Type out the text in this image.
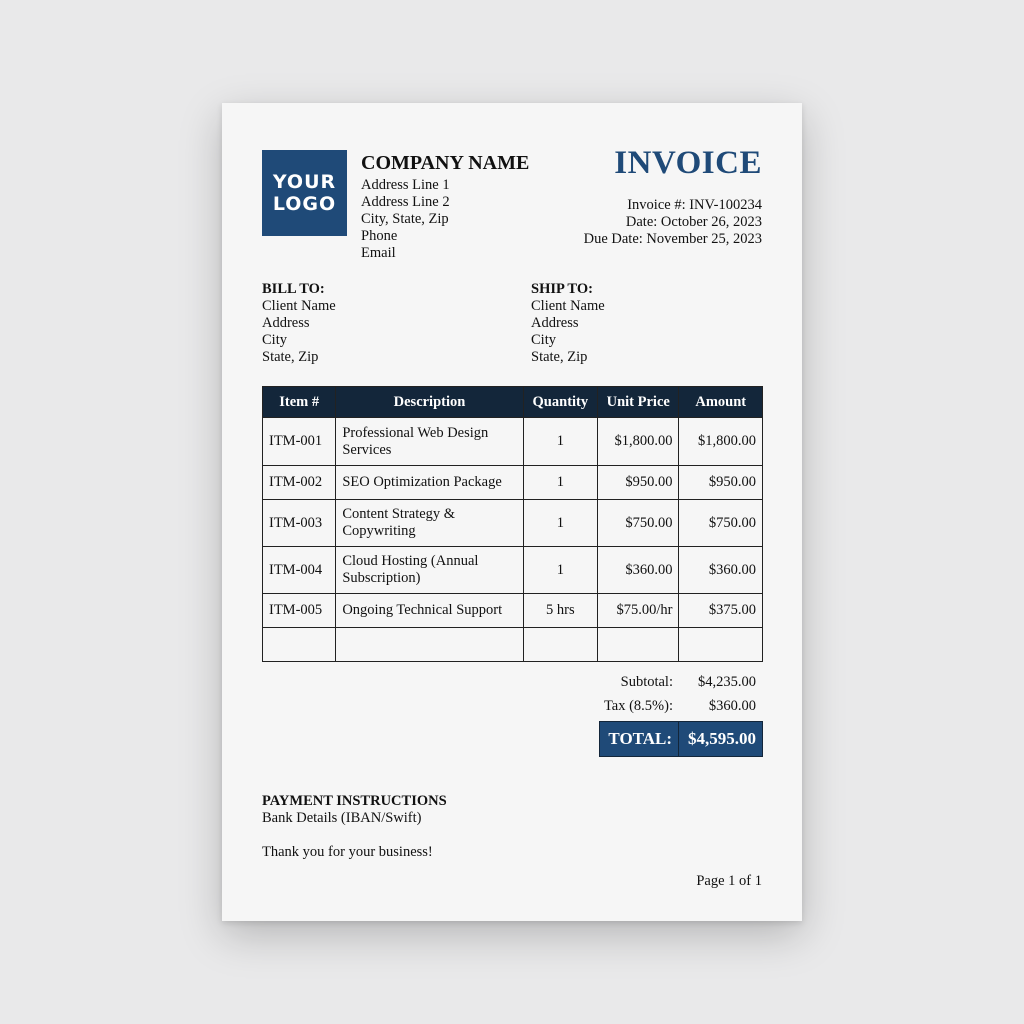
YOUR
LOGO
COMPANY NAME
Address Line 1
Address Line 2
City, State, Zip
Phone
Email
INVOICE
Invoice #: INV-100234
Date: October 26, 2023
Due Date: November 25, 2023
BILL TO:
Client Name
Address
City
State, Zip
SHIP TO:
Client Name
Address
City
State, Zip
Item #	Description	Quantity	Unit Price	Amount
ITM-001	Professional Web Design Services	1	$1,800.00	$1,800.00
ITM-002	SEO Optimization Package	1	$950.00	$950.00
ITM-003	Content Strategy & Copywriting	1	$750.00	$750.00
ITM-004	Cloud Hosting (Annual Subscription)	1	$360.00	$360.00
ITM-005	Ongoing Technical Support	5 hrs	$75.00/hr	$375.00

Subtotal:	$4,235.00
Tax (8.5%):	$360.00
TOTAL: $4,595.00
PAYMENT INSTRUCTIONS
Bank Details (IBAN/Swift)
Thank you for your business!
Page 1 of 1
